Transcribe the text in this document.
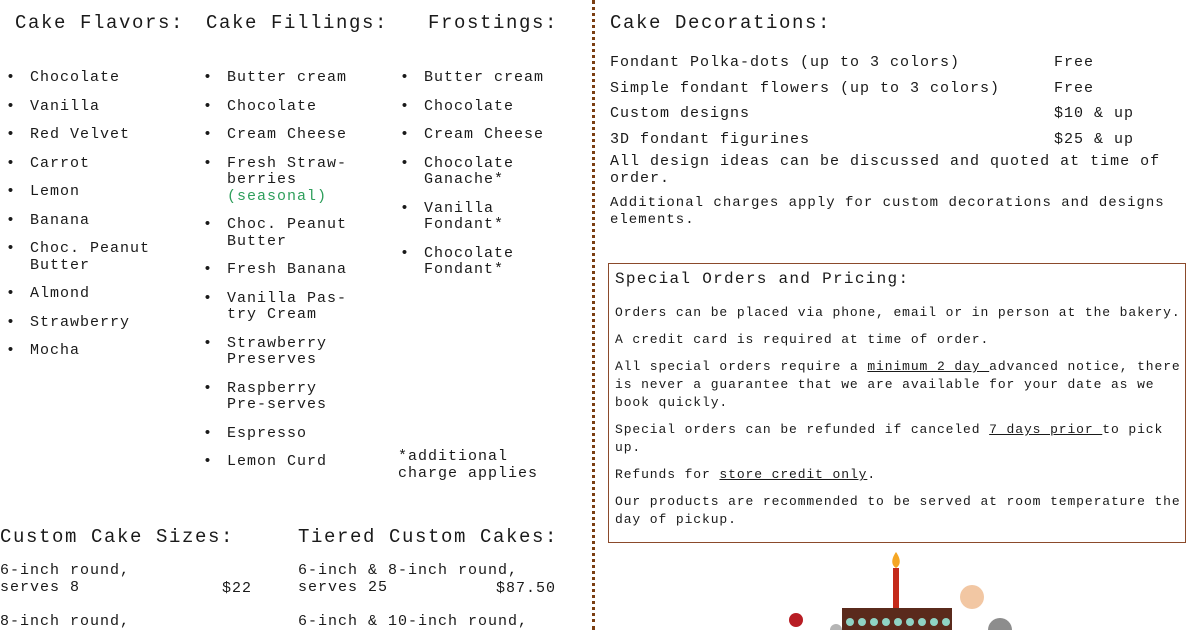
Cake Flavors: Cake Fillings: Frostings:
• Chocolate
• Vanilla
• Red Velvet
• Carrot
• Lemon
• Banana
• Choc. Peanut Butter
• Almond
• Strawberry
• Mocha
• Butter cream
• Chocolate
• Cream Cheese
• Fresh Straw-berries
(seasonal)
• Choc. Peanut Butter
• Fresh Banana
• Vanilla Pas-try Cream
• Strawberry Preserves
• Raspberry Pre-serves
• Espresso
• Lemon Curd
• Butter cream
• Chocolate
• Cream Cheese
• Chocolate Ganache*
• Vanilla Fondant*
• Chocolate Fondant*
*additional charge applies
Custom Cake Sizes:
6-inch round,
serves 8	$22
8-inch round,
Tiered Custom Cakes:
6-inch & 8-inch round,
serves 25	$87.50
6-inch & 10-inch round,
Cake Decorations:
Fondant Polka-dots (up to 3 colors)	Free
Simple fondant flowers (up to 3 colors)	Free
Custom designs	$10 & up
3D fondant figurines	$25 & up
All design ideas can be discussed and quoted at time of order.
Additional charges apply for custom decorations and designs elements.
Special Orders and Pricing:
Orders can be placed via phone, email or in person at the bakery.
A credit card is required at time of order.
All special orders require a minimum 2 day advanced notice, there is never a guarantee that we are available for your date as we book quickly.
Special orders can be refunded if canceled 7 days prior to pick up.
Refunds for store credit only.
Our products are recommended to be served at room temperature the day of pickup.
